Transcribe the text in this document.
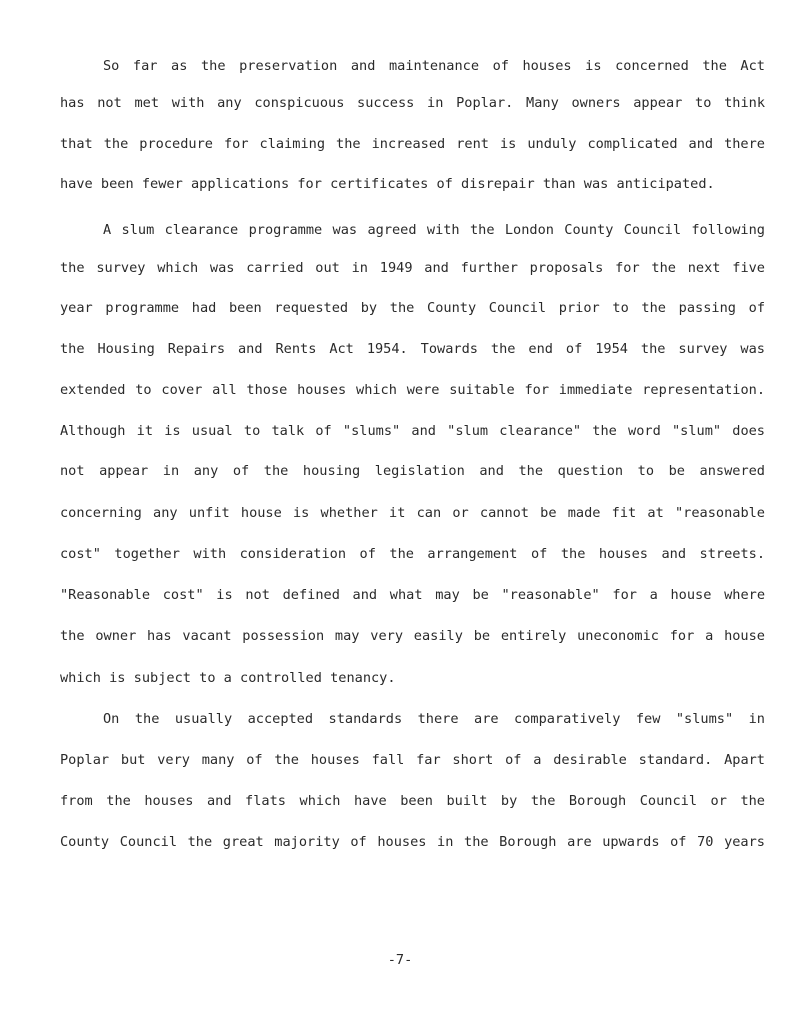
So far as the preservation and maintenance of houses is concerned the Act

has not met with any conspicuous success in Poplar. Many owners appear to think

that the procedure for claiming the increased rent is unduly complicated and there

have been fewer applications for certificates of disrepair than was anticipated.

A slum clearance programme was agreed with the London County Council following

the survey which was carried out in 1949 and further proposals for the next five

year programme had been requested by the County Council prior to the passing of

the Housing Repairs and Rents Act 1954. Towards the end of 1954 the survey was

extended to cover all those houses which were suitable for immediate representation.

Although it is usual to talk of "slums" and "slum clearance" the word "slum" does

not appear in any of the housing legislation and the question to be answered

concerning any unfit house is whether it can or cannot be made fit at "reasonable

cost" together with consideration of the arrangement of the houses and streets.

"Reasonable cost" is not defined and what may be "reasonable" for a house where

the owner has vacant possession may very easily be entirely uneconomic for a house

which is subject to a controlled tenancy.

On the usually accepted standards there are comparatively few "slums" in

Poplar but very many of the houses fall far short of a desirable standard. Apart

from the houses and flats which have been built by the Borough Council or the

County Council the great majority of houses in the Borough are upwards of 70 years

-7-
